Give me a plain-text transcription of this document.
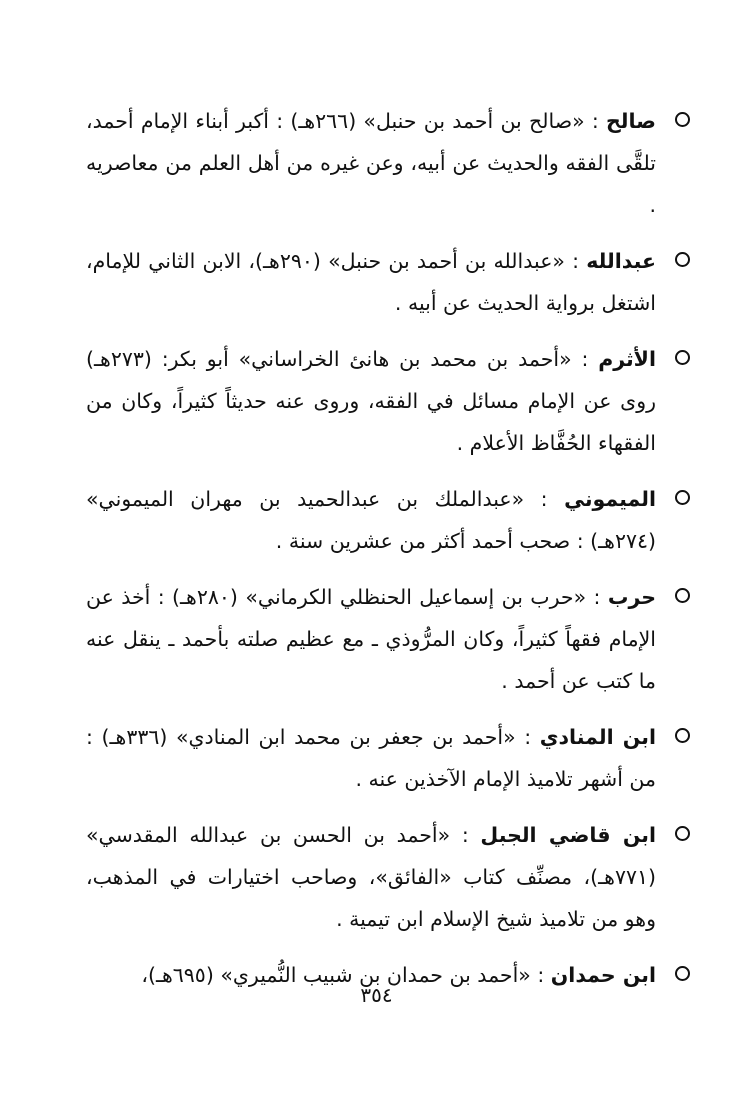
صالح : «صالح بن أحمد بن حنبل» (٢٦٦هـ) : أكبر أبناء الإمام أحمد، تلقَّى الفقه والحديث عن أبيه، وعن غيره من أهل العلم من معاصريه .
عبدالله : «عبدالله بن أحمد بن حنبل» (٢٩٠هـ)، الابن الثاني للإمام، اشتغل برواية الحديث عن أبيه .
الأثرم : «أحمد بن محمد بن هانئ الخراساني» أبو بكر: (٢٧٣هـ) روى عن الإمام مسائل في الفقه، وروى عنه حديثاً كثيراً، وكان من الفقهاء الحُفَّاظ الأعلام .
الميموني : «عبدالملك بن عبدالحميد بن مهران الميموني» (٢٧٤هـ) : صحب أحمد أكثر من عشرين سنة .
حرب : «حرب بن إسماعيل الحنظلي الكرماني» (٢٨٠هـ) : أخذ عن الإمام فقهاً كثيراً، وكان المرُّوذي ـ مع عظيم صلته بأحمد ـ ينقل عنه ما كتب عن أحمد .
ابن المنادي : «أحمد بن جعفر بن محمد ابن المنادي» (٣٣٦هـ) : من أشهر تلاميذ الإمام الآخذين عنه .
ابن قاضي الجبل : «أحمد بن الحسن بن عبدالله المقدسي» (٧٧١هـ)، مصنِّف كتاب «الفائق»، وصاحب اختيارات في المذهب، وهو من تلاميذ شيخ الإسلام ابن تيمية .
ابن حمدان : «أحمد بن حمدان بن شبيب النُّميري» (٦٩٥هـ)،
٣٥٤
